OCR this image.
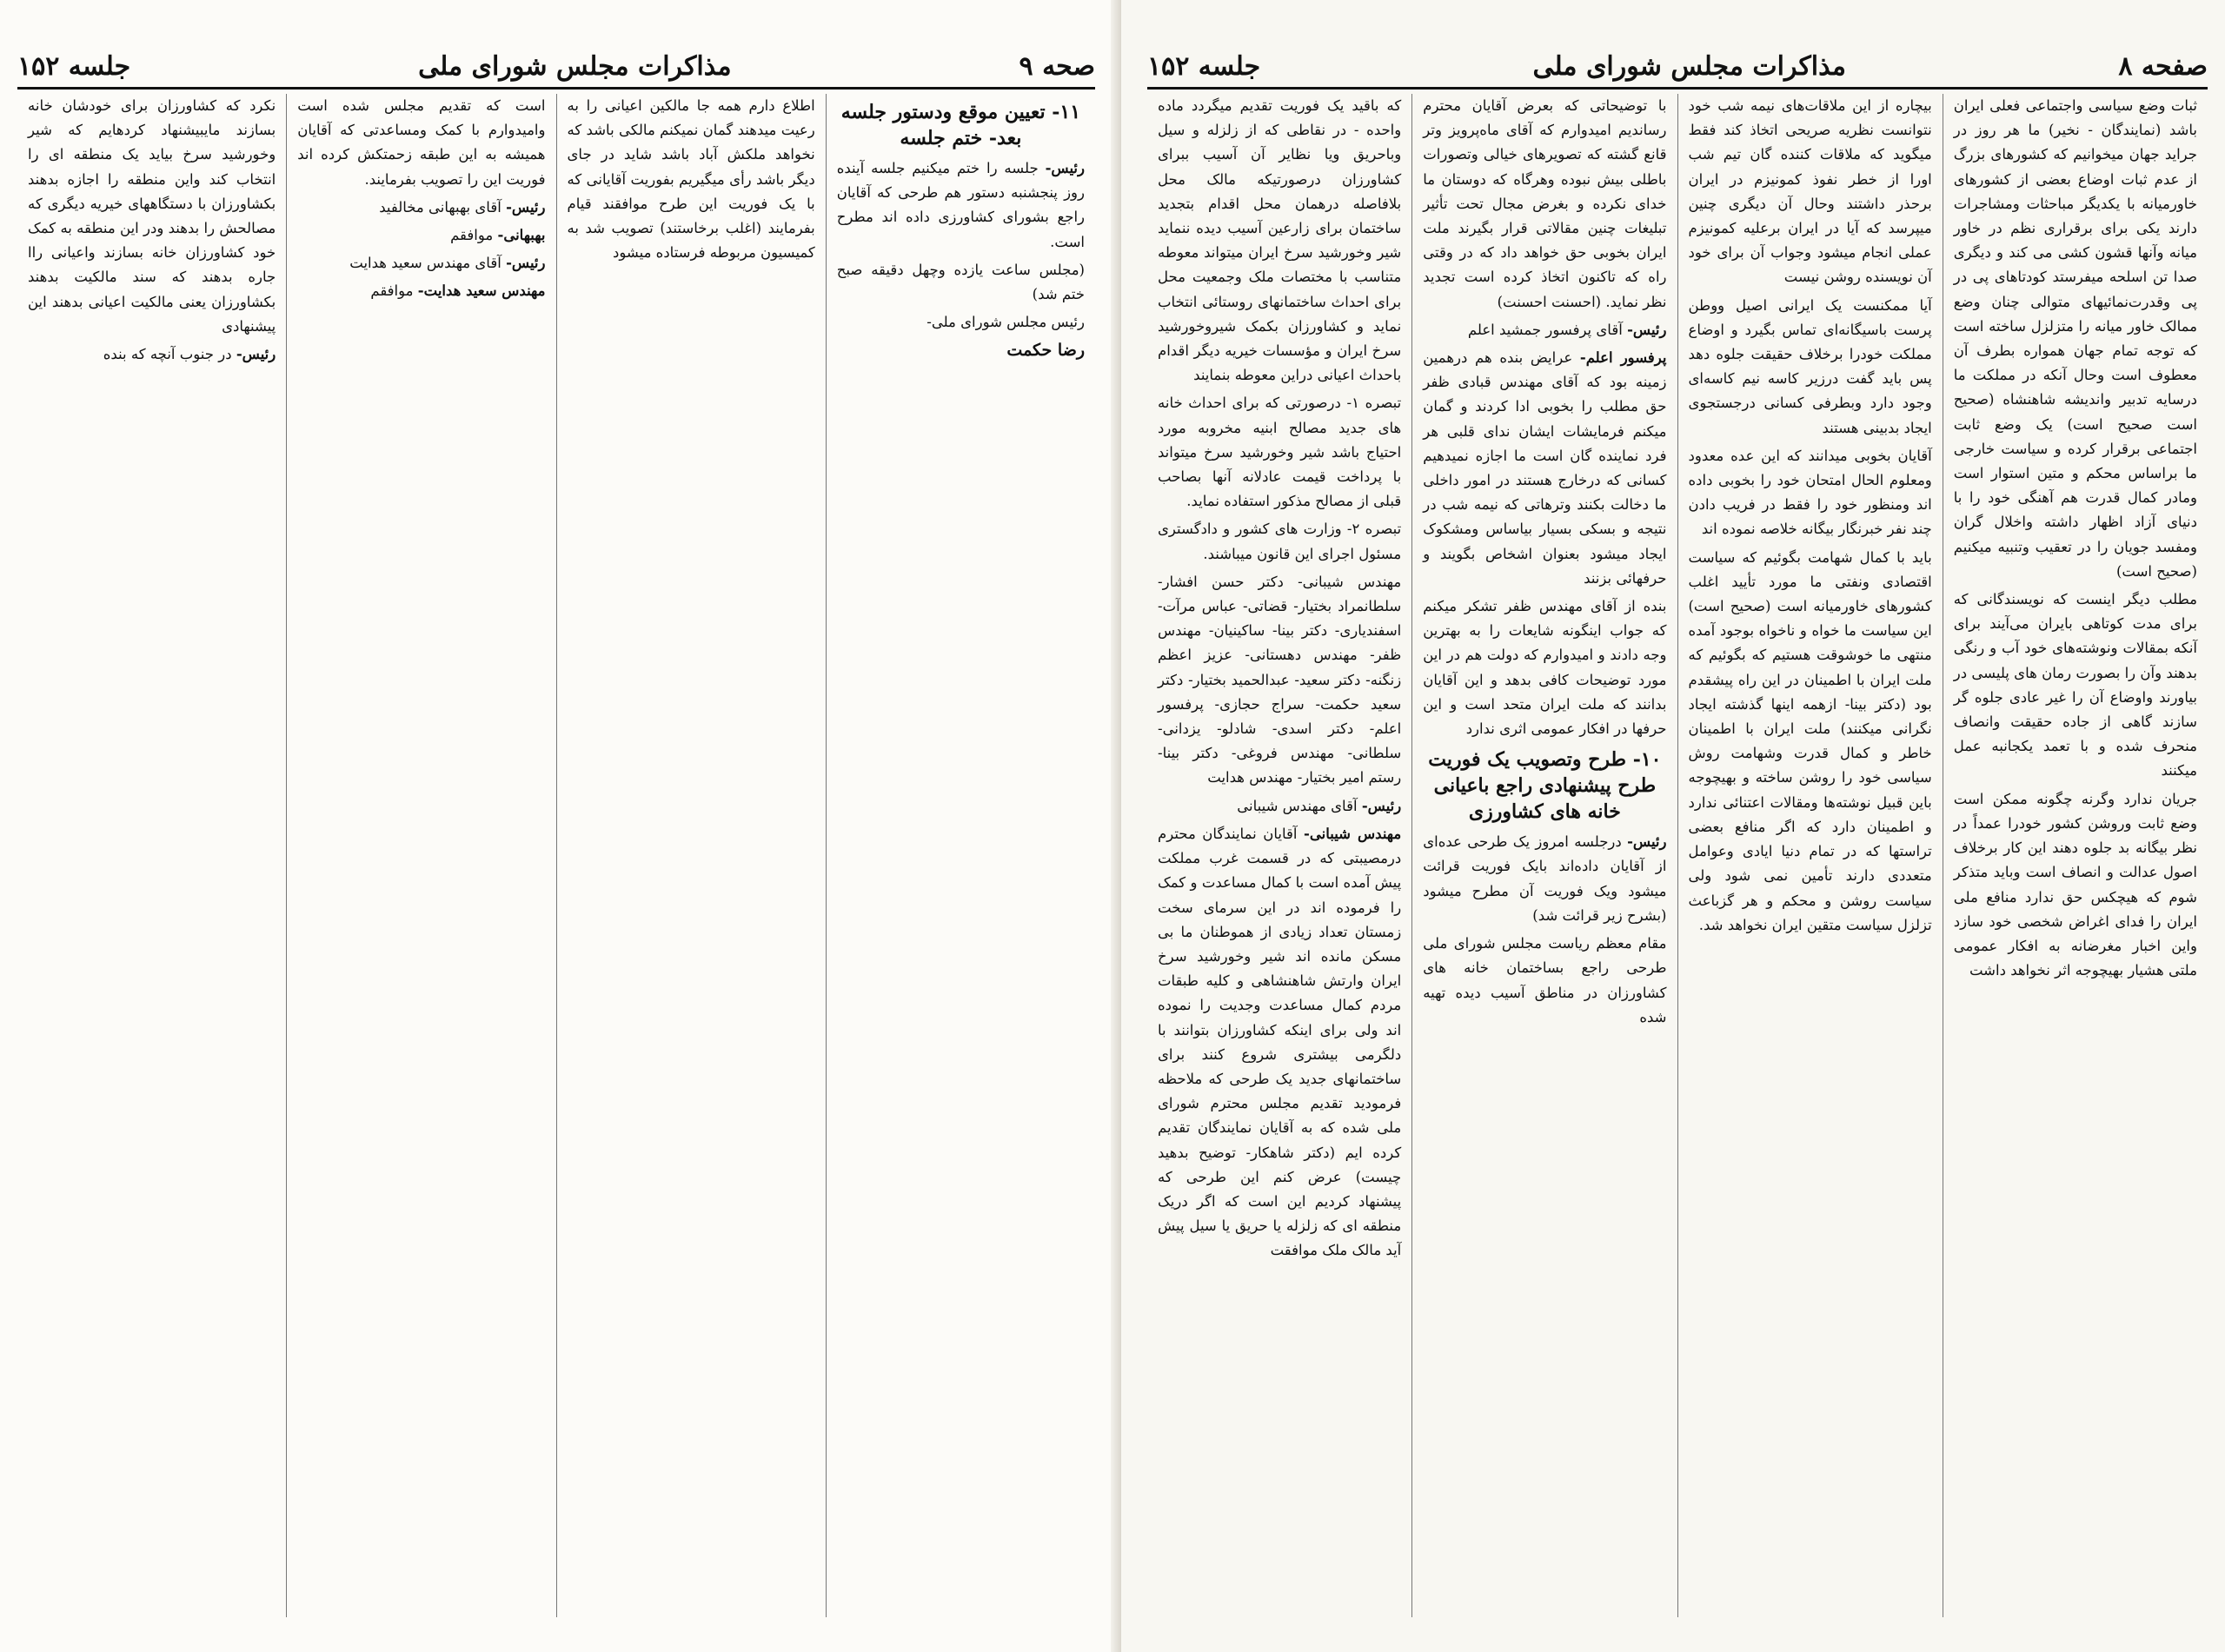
صحه ۹
مذاکرات مجلس شورای ملی
جلسه ۱۵۲
۱۱- تعیین موقع ودستور جلسه بعد- ختم جلسه

رئیس- جلسه را ختم میکنیم جلسه آینده روز پنجشنبه دستور هم طرحی که آقایان راجع بشورای کشاورزی داده اند مطرح است.

(مجلس ساعت یازده وچهل دقیقه صبح ختم شد)

رئیس مجلس شورای ملی-

رضا حکمت

اطلاع دارم همه جا مالکین اعیانی را به رعیت میدهند گمان نمیکنم مالکی باشد که نخواهد ملکش آباد باشد شاید در جای دیگر باشد رأی میگیریم بفوریت آقایانی که با یک فوریت این طرح موافقند قیام بفرمایند (اغلب برخاستند) تصویب شد به کمیسیون مربوطه فرستاده میشود

است که تقدیم مجلس شده است وامیدوارم با کمک ومساعدتی که آقایان همیشه به این طبقه زحمتکش کرده اند فوریت این را تصویب بفرمایند.

رئیس- آقای بهبهانی مخالفید

بهبهانی- موافقم

رئیس- آقای مهندس سعید هدایت

مهندس سعید هدایت- موافقم

نکرد که کشاورزان برای خودشان خانه بسازند مایبیشنهاد کردهایم که شیر وخورشید سرخ بیاید یک منطقه ای را انتخاب کند واین منطقه را اجازه بدهند بکشاورزان با دستگاههای خیریه دیگری که مصالحش را بدهند ودر این منطقه به کمک خود کشاورزان خانه بسازند واعیانی راا جاره بدهند که سند مالکیت بدهند بکشاورزان یعنی مالکیت اعیانی بدهند این پیشنهادی

رئیس- در جنوب آنچه که بنده

صفحه ۸
مذاکرات مجلس شورای ملی
جلسه ۱۵۲

ثبات وضع سیاسی واجتماعی فعلی ایران باشد (نمایندگان - نخیر) ما هر روز در جراید جهان میخوانیم که کشورهای بزرگ از عدم ثبات اوضاع بعضی از کشورهای خاورمیانه با یکدیگر مباحثات ومشاجرات دارند یکی برای برقراری نظم در خاور میانه وآنها قشون کشی می کند و دیگری صدا تن اسلحه میفرستد کودتاهای پی در پی وقدرت‌نمائیهای متوالی چنان وضع ممالک خاور میانه را متزلزل ساخته است که توجه تمام جهان همواره بطرف آن معطوف است وحال آنکه در مملکت ما درسایه تدبیر واندیشه شاهنشاه (صحیح است صحیح است) یک وضع ثابت اجتماعی برقرار کرده و سیاست خارجی ما براساس محکم و متین استوار است ومادر کمال قدرت هم آهنگی خود را با دنیای آزاد اظهار داشته واخلال گران ومفسد جویان را در تعقیب وتنبیه میکنیم (صحیح است)

مطلب دیگر اینست که نویسندگانی که برای مدت کوتاهی بایران می‌آیند برای آنکه بمقالات ونوشته‌های خود آب و رنگی بدهند وآن را بصورت رمان های پلیسی در بیاورند واوضاع آن را غیر عادی جلوه گر سازند گاهی از جاده حقیقت وانصاف منحرف شده و با تعمد یکجانبه عمل میکنند

جریان ندارد وگرنه چگونه ممکن است وضع ثابت وروشن کشور خودرا عمداً در نظر بیگانه بد جلوه دهند این کار برخلاف اصول عدالت و انصاف است وباید متذکر شوم که هیچکس حق ندارد منافع ملی ایران را فدای اغراض شخصی خود سازد واین اخبار مغرضانه به افکار عمومی ملتی هشیار بهیچوجه اثر نخواهد داشت

بیچاره از این ملاقات‌های نیمه شب خود نتوانست نظریه صریحی اتخاذ کند فقط میگوید که ملاقات کننده گان تیم شب اورا از خطر نفوذ کمونیزم در ایران برحذر داشتند وحال آن دیگری چنین میپرسد که آیا در ایران برعلیه کمونیزم عملی انجام میشود وجواب آن برای خود آن نویسنده روشن نیست

آیا ممکنست یک ایرانی اصیل ووطن پرست باسیگانه‌ای تماس بگیرد و اوضاع مملکت خودرا برخلاف حقیقت جلوه دهد پس باید گفت درزیر کاسه نیم کاسه‌ای وجود دارد وبطرفی کسانی درجستجوی ایجاد بدبینی هستند

آقایان بخوبی میدانند که این عده معدود ومعلوم الحال امتحان خود را بخوبی داده اند ومنظور خود را فقط در فریب دادن چند نفر خبرنگار بیگانه خلاصه نموده اند

باید با کمال شهامت بگوئیم که سیاست اقتصادی ونفتی ما مورد تأیید اغلب کشورهای خاورمیانه است (صحیح است) این سیاست ما خواه و ناخواه بوجود آمده منتهی ما خوشوقت هستیم که بگوئیم که ملت ایران با اطمینان در این راه پیشقدم بود (دکتر بینا- ازهمه اینها گذشته ایجاد نگرانی میکنند) ملت ایران با اطمینان خاطر و کمال قدرت وشهامت روش سیاسی خود را روشن ساخته و بهیچوجه باین قبیل نوشته‌ها ومقالات اعتنائی ندارد و اطمینان دارد که اگر منافع بعضی تراستها که در تمام دنیا ایادی وعوامل متعددی دارند تأمین نمی شود ولی سیاست روشن و محکم و هر گزباعث تزلزل سیاست متقین ایران نخواهد شد.

با توضیحاتی که بعرض آقایان محترم رساندیم امیدوارم که آقای ماه‌پرویز وتر قانع گشته که تصویرهای خیالی وتصورات باطلی بیش نبوده وهرگاه که دوستان ما خدای نکرده و بغرض مجال تحت تأثیر تبلیغات چنین مقالاتی قرار بگیرند ملت ایران بخوبی حق خواهد داد که در وقتی راه که تاکنون اتخاذ کرده است تجدید نظر نماید. (احسنت احسنت)

رئیس- آقای پرفسور جمشید اعلم

پرفسور اعلم- عرایض بنده هم درهمین زمینه بود که آقای مهندس قبادی ظفر حق مطلب را بخوبی ادا کردند و گمان میکنم فرمایشات ایشان ندای قلبی هر فرد نماینده گان است ما اجازه نمیدهیم کسانی که درخارج هستند در امور داخلی ما دخالت بکنند وترهاتی که نیمه شب در نتیجه و بسکی بسیار بیاساس ومشکوک ایجاد میشود بعنوان اشخاص بگویند و حرفهائی بزنند

بنده از آقای مهندس ظفر تشکر میکنم که جواب اینگونه شایعات را به بهترین وجه دادند و امیدوارم که دولت هم در این مورد توضیحات کافی بدهد و این آقایان بدانند که ملت ایران متحد است و این حرفها در افکار عمومی اثری ندارد

۱۰- طرح وتصویب یک فوریت طرح پیشنهادی راجع باعیانی خانه های کشاورزی

رئیس- درجلسه امروز یک طرحی عده‌ای از آقایان داده‌اند بایک فوریت قرائت میشود ویک فوریت آن مطرح میشود (بشرح زیر قرائت شد)

مقام معظم ریاست مجلس شورای ملی طرحی راجع بساختمان خانه های کشاورزان در مناطق آسیب دیده تهیه شده

که باقید یک فوریت تقدیم میگردد ماده واحده - در نقاطی که از زلزله و سیل وباحریق ویا نظایر آن آسیب ببرای کشاورزان درصورتیکه مالک محل بلافاصله درهمان محل اقدام بتجدید ساختمان برای زارعین آسیب دیده ننماید شیر وخورشید سرخ ایران میتواند معوطه متناسب با مختصات ملک وجمعیت محل برای احداث ساختمانهای روستائی انتخاب نماید و کشاورزان بکمک شیروخورشید سرخ ایران و مؤسسات خیریه دیگر اقدام باحداث اعیانی دراین معوطه بنمایند

تبصره ۱- درصورتی که برای احداث خانه های جدید مصالح ابنیه مخروبه مورد احتیاج باشد شیر وخورشید سرخ میتواند با پرداخت قیمت عادلانه آنها بصاحب قبلی از مصالح مذکور استفاده نماید.

تبصره ۲- وزارت های کشور و دادگستری مسئول اجرای این قانون میباشند.

مهندس شیبانی- دکتر حسن افشار- سلطانمراد بختیار- قضاتی- عباس مرآت- اسفندیاری- دکتر بینا- ساکینیان- مهندس ظفر- مهندس دهستانی- عزیز اعظم زنگنه- دکتر سعید- عبدالحمید بختیار- دکتر سعید حکمت- سراج حجازی- پرفسور اعلم- دکتر اسدی- شادلو- یزدانی- سلطانی- مهندس فروغی- دکتر بینا- رستم امیر بختیار- مهندس هدایت

رئیس- آقای مهندس شیبانی

مهندس شیبانی- آقایان نمایندگان محترم درمصیبتی که در قسمت غرب مملکت پیش آمده است با کمال مساعدت و کمک را فرموده اند در این سرمای سخت زمستان تعداد زیادی از هموطنان ما بی مسکن مانده اند شیر وخورشید سرخ ایران وارتش شاهنشاهی و کلیه طبقات مردم کمال مساعدت وجدیت را نموده اند ولی برای اینکه کشاورزان بتوانند با دلگرمی بیشتری شروع کنند برای ساختمانهای جدید یک طرحی که ملاحظه فرمودید تقدیم مجلس محترم شورای ملی شده که به آقایان نمایندگان تقدیم کرده ایم (دکتر شاهکار- توضیح بدهید چیست) عرض کنم این طرحی که پیشنهاد کردیم این است که اگر دریک منطقه ای که زلزله یا حریق یا سیل پیش آید مالک ملک موافقت
